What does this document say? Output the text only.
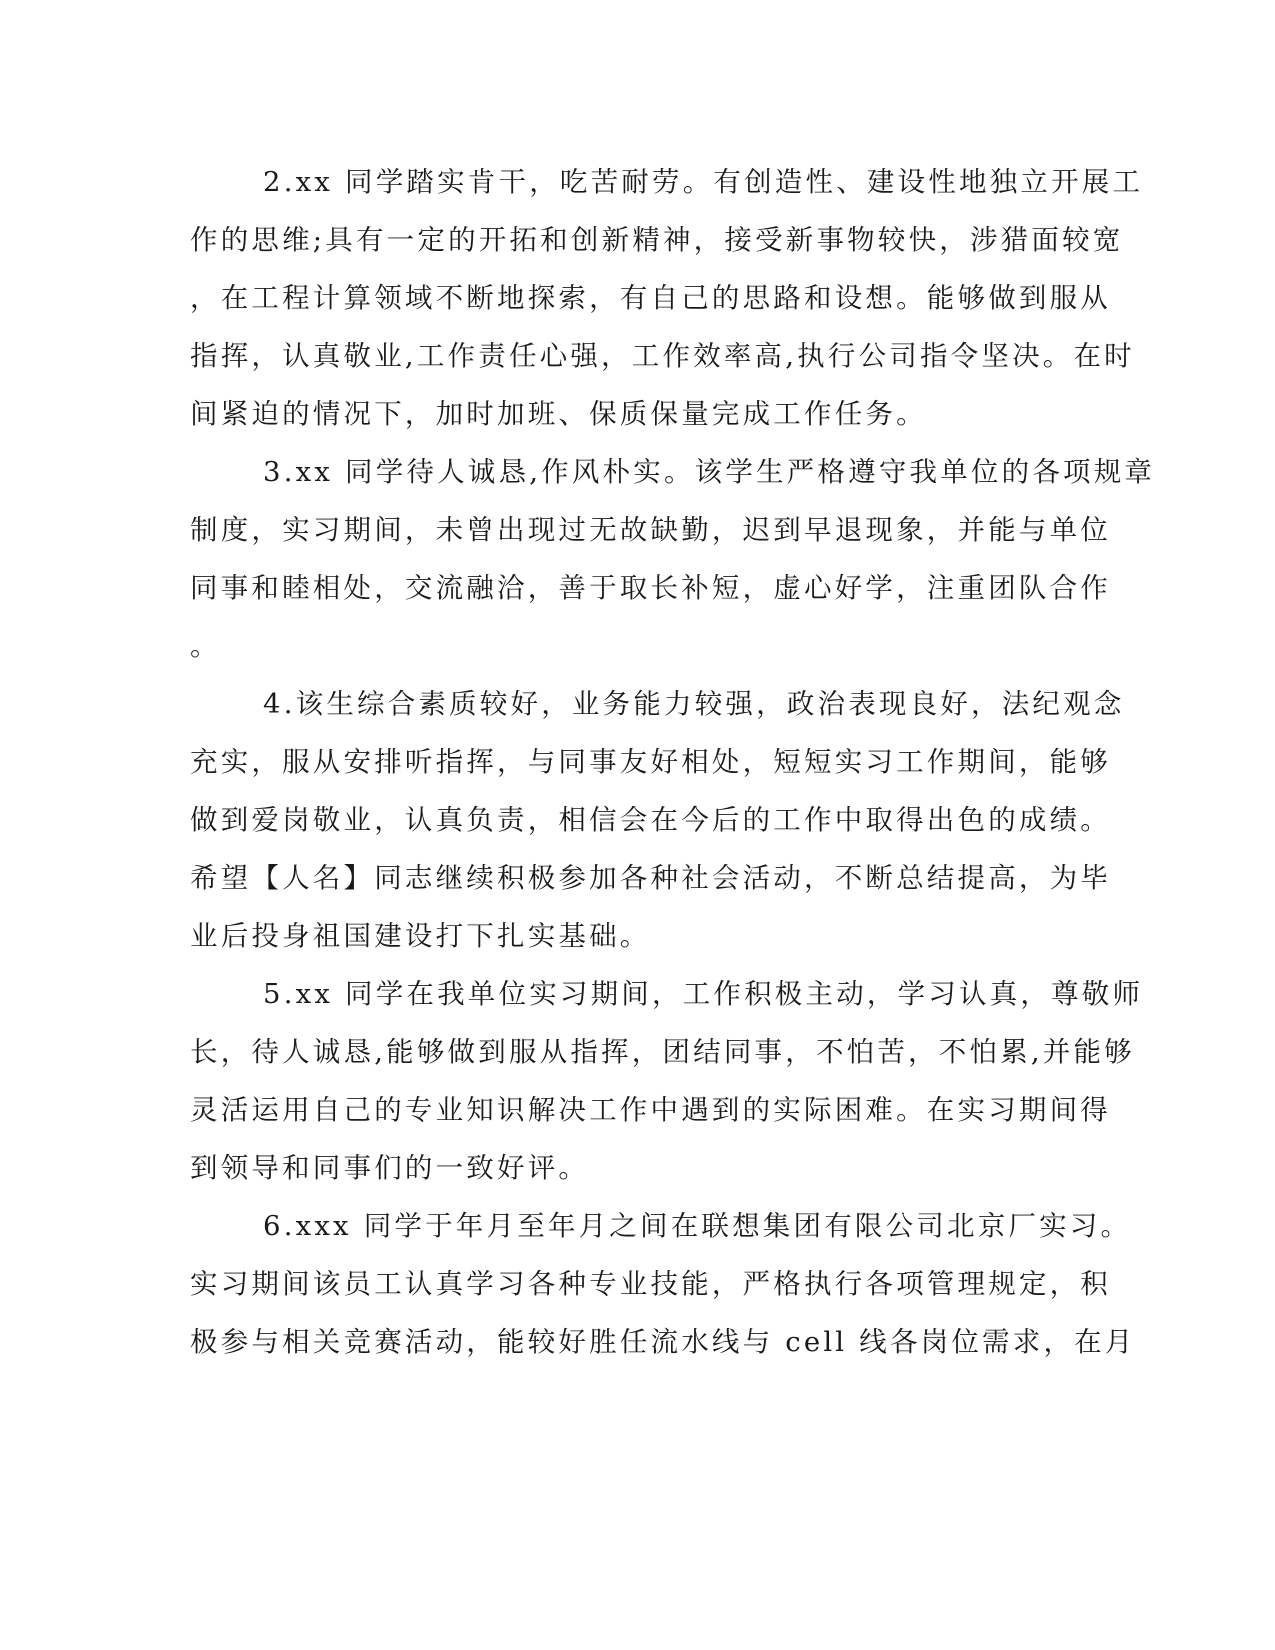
2.xx 同学踏实肯干，吃苦耐劳。有创造性、建设性地独立开展工
作的思维;具有一定的开拓和创新精神，接受新事物较快，涉猎面较宽
，在工程计算领域不断地探索，有自己的思路和设想。能够做到服从
指挥，认真敬业,工作责任心强，工作效率高,执行公司指令坚决。在时
间紧迫的情况下，加时加班、保质保量完成工作任务。
3.xx 同学待人诚恳,作风朴实。该学生严格遵守我单位的各项规章
制度，实习期间，未曾出现过无故缺勤，迟到早退现象，并能与单位
同事和睦相处，交流融洽，善于取长补短，虚心好学，注重团队合作
。
4.该生综合素质较好，业务能力较强，政治表现良好，法纪观念
充实，服从安排听指挥，与同事友好相处，短短实习工作期间，能够
做到爱岗敬业，认真负责，相信会在今后的工作中取得出色的成绩。
希望【人名】同志继续积极参加各种社会活动，不断总结提高，为毕
业后投身祖国建设打下扎实基础。
5.xx 同学在我单位实习期间，工作积极主动，学习认真，尊敬师
长，待人诚恳,能够做到服从指挥，团结同事，不怕苦，不怕累,并能够
灵活运用自己的专业知识解决工作中遇到的实际困难。在实习期间得
到领导和同事们的一致好评。
6.xxx 同学于年月至年月之间在联想集团有限公司北京厂实习。
实习期间该员工认真学习各种专业技能，严格执行各项管理规定，积
极参与相关竞赛活动，能较好胜任流水线与 cell 线各岗位需求，在月
